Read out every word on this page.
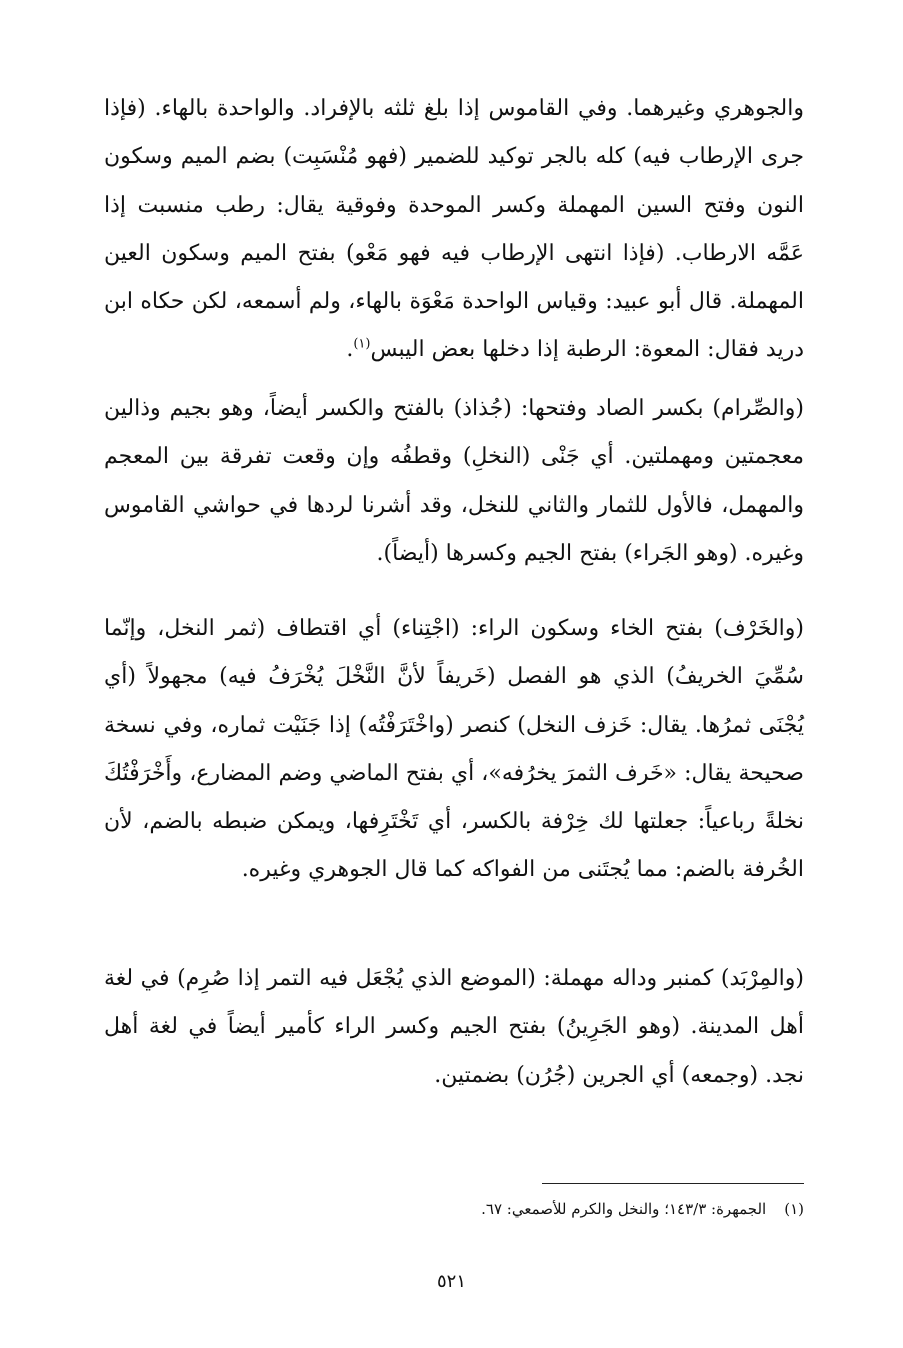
والجوهري وغيرهما. وفي القاموس إذا بلغ ثلثه بالإفراد. والواحدة بالهاء. (فإذا جرى الإرطاب فيه) كله بالجر توكيد للضمير (فهو مُنْسَبِت) بضم الميم وسكون النون وفتح السين المهملة وكسر الموحدة وفوقية يقال: رطب منسبت إذا عَمَّه الارطاب. (فإذا انتهى الإرطاب فيه فهو مَعْو) بفتح الميم وسكون العين المهملة. قال أبو عبيد: وقياس الواحدة مَعْوَة بالهاء، ولم أسمعه، لكن حكاه ابن دريد فقال: المعوة: الرطبة إذا دخلها بعض اليبس$^{(١)}$.

(والصِّرام) بكسر الصاد وفتحها: (جُذاذ) بالفتح والكسر أيضاً، وهو بجيم وذالين معجمتين ومهملتين. أي جَنْى (النخلِ) وقطفُه وإن وقعت تفرقة بين المعجم والمهمل، فالأول للثمار والثاني للنخل، وقد أشرنا لردها في حواشي القاموس وغيره. (وهو الجَراء) بفتح الجيم وكسرها (أيضاً).

(والخَرْف) بفتح الخاء وسكون الراء: (اجْتِناء) أي اقتطاف (ثمر النخل، وإنّما سُمِّيَ الخريفُ) الذي هو الفصل (خَريفاً لأنَّ النَّخْلَ يُخْرَفُ فيه) مجهولاً (أي يُجْنَى ثمرُها. يقال: خَزف النخل) كنصر (واخْتَرَفْتُه) إذا جَنَيْت ثماره، وفي نسخة صحيحة يقال: «خَرف الثمرَ يخرُفه»، أي بفتح الماضي وضم المضارع، وأَخْرَفْتُكَ نخلةً رباعياً: جعلتها لك خِرْفة بالكسر، أي تَخْتَرِفها، ويمكن ضبطه بالضم، لأن الخُرفة بالضم: مما يُجتَنى من الفواكه كما قال الجوهري وغيره.

(والمِرْبَد) كمنبر وداله مهملة: (الموضع الذي يُجْعَل فيه التمر إذا صُرِم) في لغة أهل المدينة. (وهو الجَرِينُ) بفتح الجيم وكسر الراء كأمير أيضاً في لغة أهل نجد. (وجمعه) أي الجرين (جُرُن) بضمتين.

(١)الجمهرة: ١٤٣/٣؛ والنخل والكرم للأصمعي: ٦٧.

٥٢١
